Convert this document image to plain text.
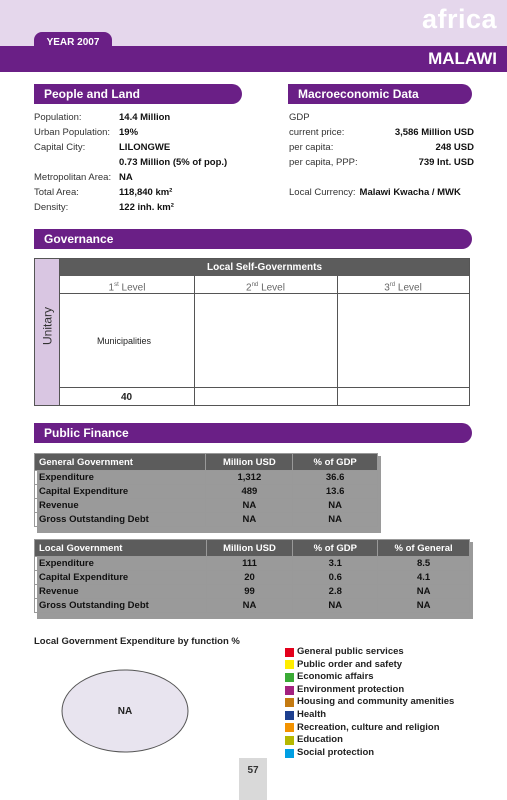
africa
YEAR 2007
MALAWI
People and Land
Population:	14.4 Million
Urban Population: 19%
Capital City:	LILONGWE
0.73 Million (5% of pop.)
Metropolitan Area: NA
Total Area:	118,840 km²
Density:	122 inh. km²
Macroeconomic Data
GDP
current price:	3,586 Million USD
per capita:	248 USD
per capita, PPP:	739 Int. USD
Local Currency: Malawi Kwacha / MWK
Governance
Unitary
Local Self-Governments
1st Level	2nd Level	3rd Level
Municipalities
40
Public Finance
General Government	Million USD	% of GDP
Expenditure	1,312	36.6
Capital Expenditure	489	13.6
Revenue	NA	NA
Gross Outstanding Debt	NA	NA
Local Government	Million USD	% of GDP	% of General
Expenditure	111	3.1	8.5
Capital Expenditure	20	0.6	4.1
Revenue	99	2.8	NA
Gross Outstanding Debt	NA	NA	NA
Local Government Expenditure by function %
NA
General public services
Public order and safety
Economic affairs
Environment protection
Housing and community amenities
Health
Recreation, culture and religion
Education
Social protection
57
